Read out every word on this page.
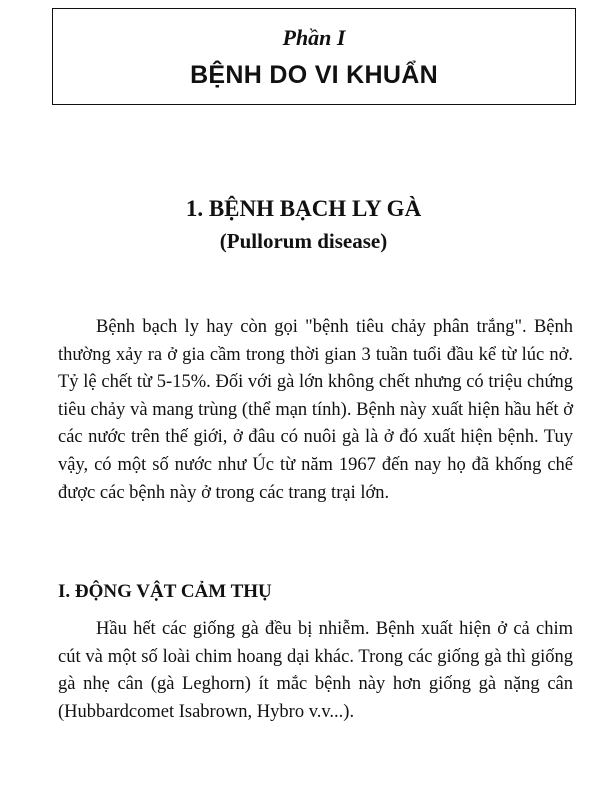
Phần I
BỆNH DO VI KHUẨN
1. BỆNH BẠCH LY GÀ
(Pullorum disease)

Bệnh bạch ly hay còn gọi "bệnh tiêu chảy phân trắng". Bệnh thường xảy ra ở gia cầm trong thời gian 3 tuần tuổi đầu kể từ lúc nở. Tỷ lệ chết từ 5-15%. Đối với gà lớn không chết nhưng có triệu chứng tiêu chảy và mang trùng (thể mạn tính). Bệnh này xuất hiện hầu hết ở các nước trên thế giới, ở đâu có nuôi gà là ở đó xuất hiện bệnh. Tuy vậy, có một số nước như Úc từ năm 1967 đến nay họ đã khống chế được các bệnh này ở trong các trang trại lớn.

I. ĐỘNG VẬT CẢM THỤ

Hầu hết các giống gà đều bị nhiễm. Bệnh xuất hiện ở cả chim cút và một số loài chim hoang dại khác. Trong các giống gà thì giống gà nhẹ cân (gà Leghorn) ít mắc bệnh này hơn giống gà nặng cân (Hubbardcomet Isabrown, Hybro v.v...).
